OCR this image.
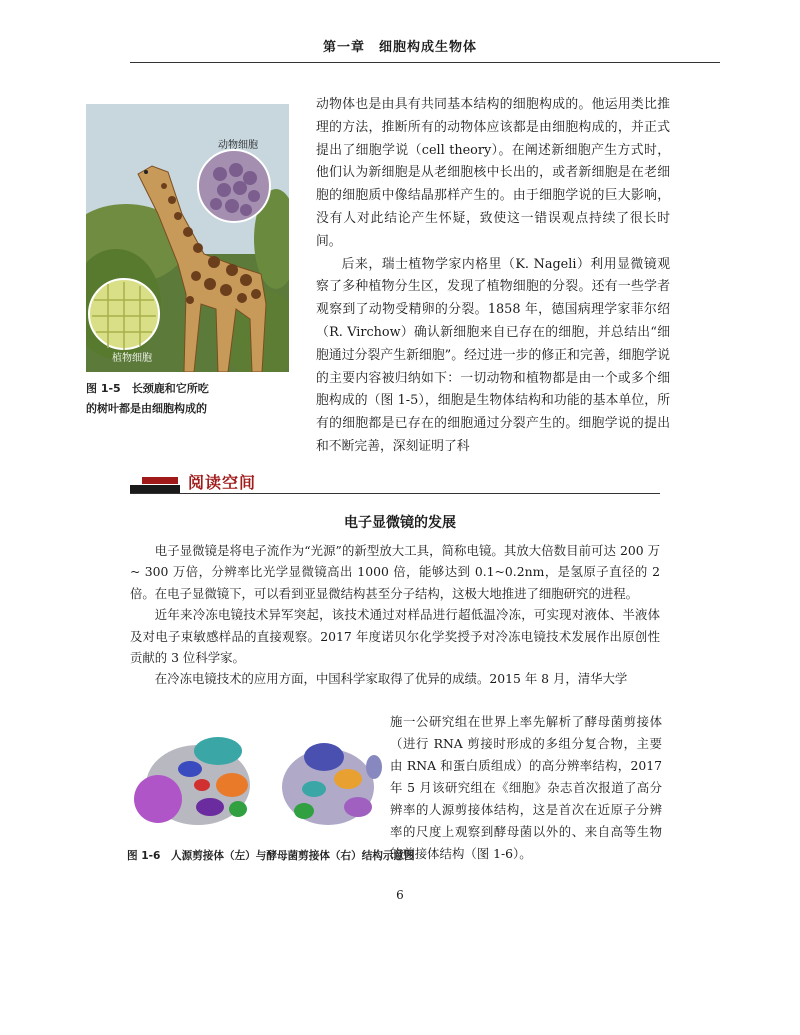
第一章　细胞构成生物体
动物细胞
植物细胞
图 1-5　长颈鹿和它所吃
的树叶都是由细胞构成的

动物体也是由具有共同基本结构的细胞构成的。他运用类比推理的方法，推断所有的动物体应该都是由细胞构成的，并正式提出了细胞学说（cell theory）。在阐述新细胞产生方式时，他们认为新细胞是从老细胞核中长出的，或者新细胞是在老细胞的细胞质中像结晶那样产生的。由于细胞学说的巨大影响，没有人对此结论产生怀疑，致使这一错误观点持续了很长时间。

后来，瑞士植物学家内格里（K. Nageli）利用显微镜观察了多种植物分生区，发现了植物细胞的分裂。还有一些学者观察到了动物受精卵的分裂。1858 年，德国病理学家菲尔绍（R. Virchow）确认新细胞来自已存在的细胞，并总结出“细胞通过分裂产生新细胞”。经过进一步的修正和完善，细胞学说的主要内容被归纳如下：一切动物和植物都是由一个或多个细胞构成的（图 1-5），细胞是生物体结构和功能的基本单位，所有的细胞都是已存在的细胞通过分裂产生的。细胞学说的提出和不断完善，深刻证明了科

阅读空间
电子显微镜的发展

电子显微镜是将电子流作为“光源”的新型放大工具，简称电镜。其放大倍数目前可达 200 万 ~ 300 万倍，分辨率比光学显微镜高出 1000 倍，能够达到 0.1~0.2nm，是氢原子直径的 2 倍。在电子显微镜下，可以看到亚显微结构甚至分子结构，这极大地推进了细胞研究的进程。

近年来冷冻电镜技术异军突起，该技术通过对样品进行超低温冷冻，可实现对液体、半液体及对电子束敏感样品的直接观察。2017 年度诺贝尔化学奖授予对冷冻电镜技术发展作出原创性贡献的 3 位科学家。

在冷冻电镜技术的应用方面，中国科学家取得了优异的成绩。2015 年 8 月，清华大学

施一公研究组在世界上率先解析了酵母菌剪接体（进行 RNA 剪接时形成的多组分复合物，主要由 RNA 和蛋白质组成）的高分辨率结构，2017 年 5 月该研究组在《细胞》杂志首次报道了高分辨率的人源剪接体结构，这是首次在近原子分辨率的尺度上观察到酵母菌以外的、来自高等生物的剪接体结构（图 1-6）。

图 1-6　人源剪接体（左）与酵母菌剪接体（右）结构示意图
6
